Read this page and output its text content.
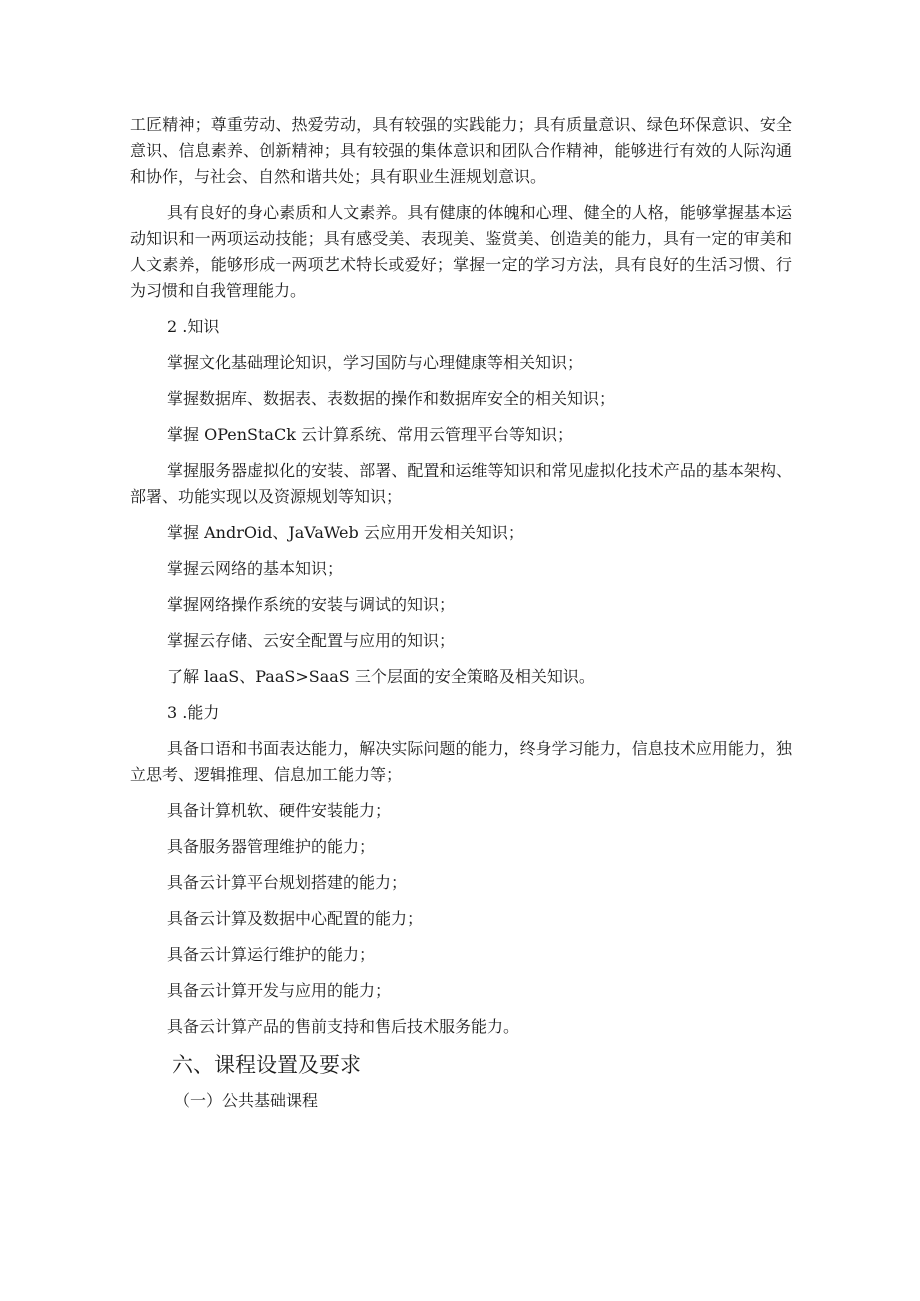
工匠精神；尊重劳动、热爱劳动，具有较强的实践能力；具有质量意识、绿色环保意识、安全意识、信息素养、创新精神；具有较强的集体意识和团队合作精神，能够进行有效的人际沟通和协作，与社会、自然和谐共处；具有职业生涯规划意识。

具有良好的身心素质和人文素养。具有健康的体魄和心理、健全的人格，能够掌握基本运动知识和一两项运动技能；具有感受美、表现美、鉴赏美、创造美的能力，具有一定的审美和人文素养，能够形成一两项艺术特长或爱好；掌握一定的学习方法，具有良好的生活习惯、行为习惯和自我管理能力。

2 .知识

掌握文化基础理论知识，学习国防与心理健康等相关知识；

掌握数据库、数据表、表数据的操作和数据库安全的相关知识；

掌握 OPenStaCk 云计算系统、常用云管理平台等知识；

掌握服务器虚拟化的安装、部署、配置和运维等知识和常见虚拟化技术产品的基本架构、部署、功能实现以及资源规划等知识；

掌握 AndrOid、JaVaWeb 云应用开发相关知识；

掌握云网络的基本知识；

掌握网络操作系统的安装与调试的知识；

掌握云存储、云安全配置与应用的知识；

了解 laaS、PaaS>SaaS 三个层面的安全策略及相关知识。

3 .能力

具备口语和书面表达能力，解决实际问题的能力，终身学习能力，信息技术应用能力，独立思考、逻辑推理、信息加工能力等；

具备计算机软、硬件安装能力；

具备服务器管理维护的能力；

具备云计算平台规划搭建的能力；

具备云计算及数据中心配置的能力；

具备云计算运行维护的能力；

具备云计算开发与应用的能力；

具备云计算产品的售前支持和售后技术服务能力。

六、课程设置及要求

（一）公共基础课程
